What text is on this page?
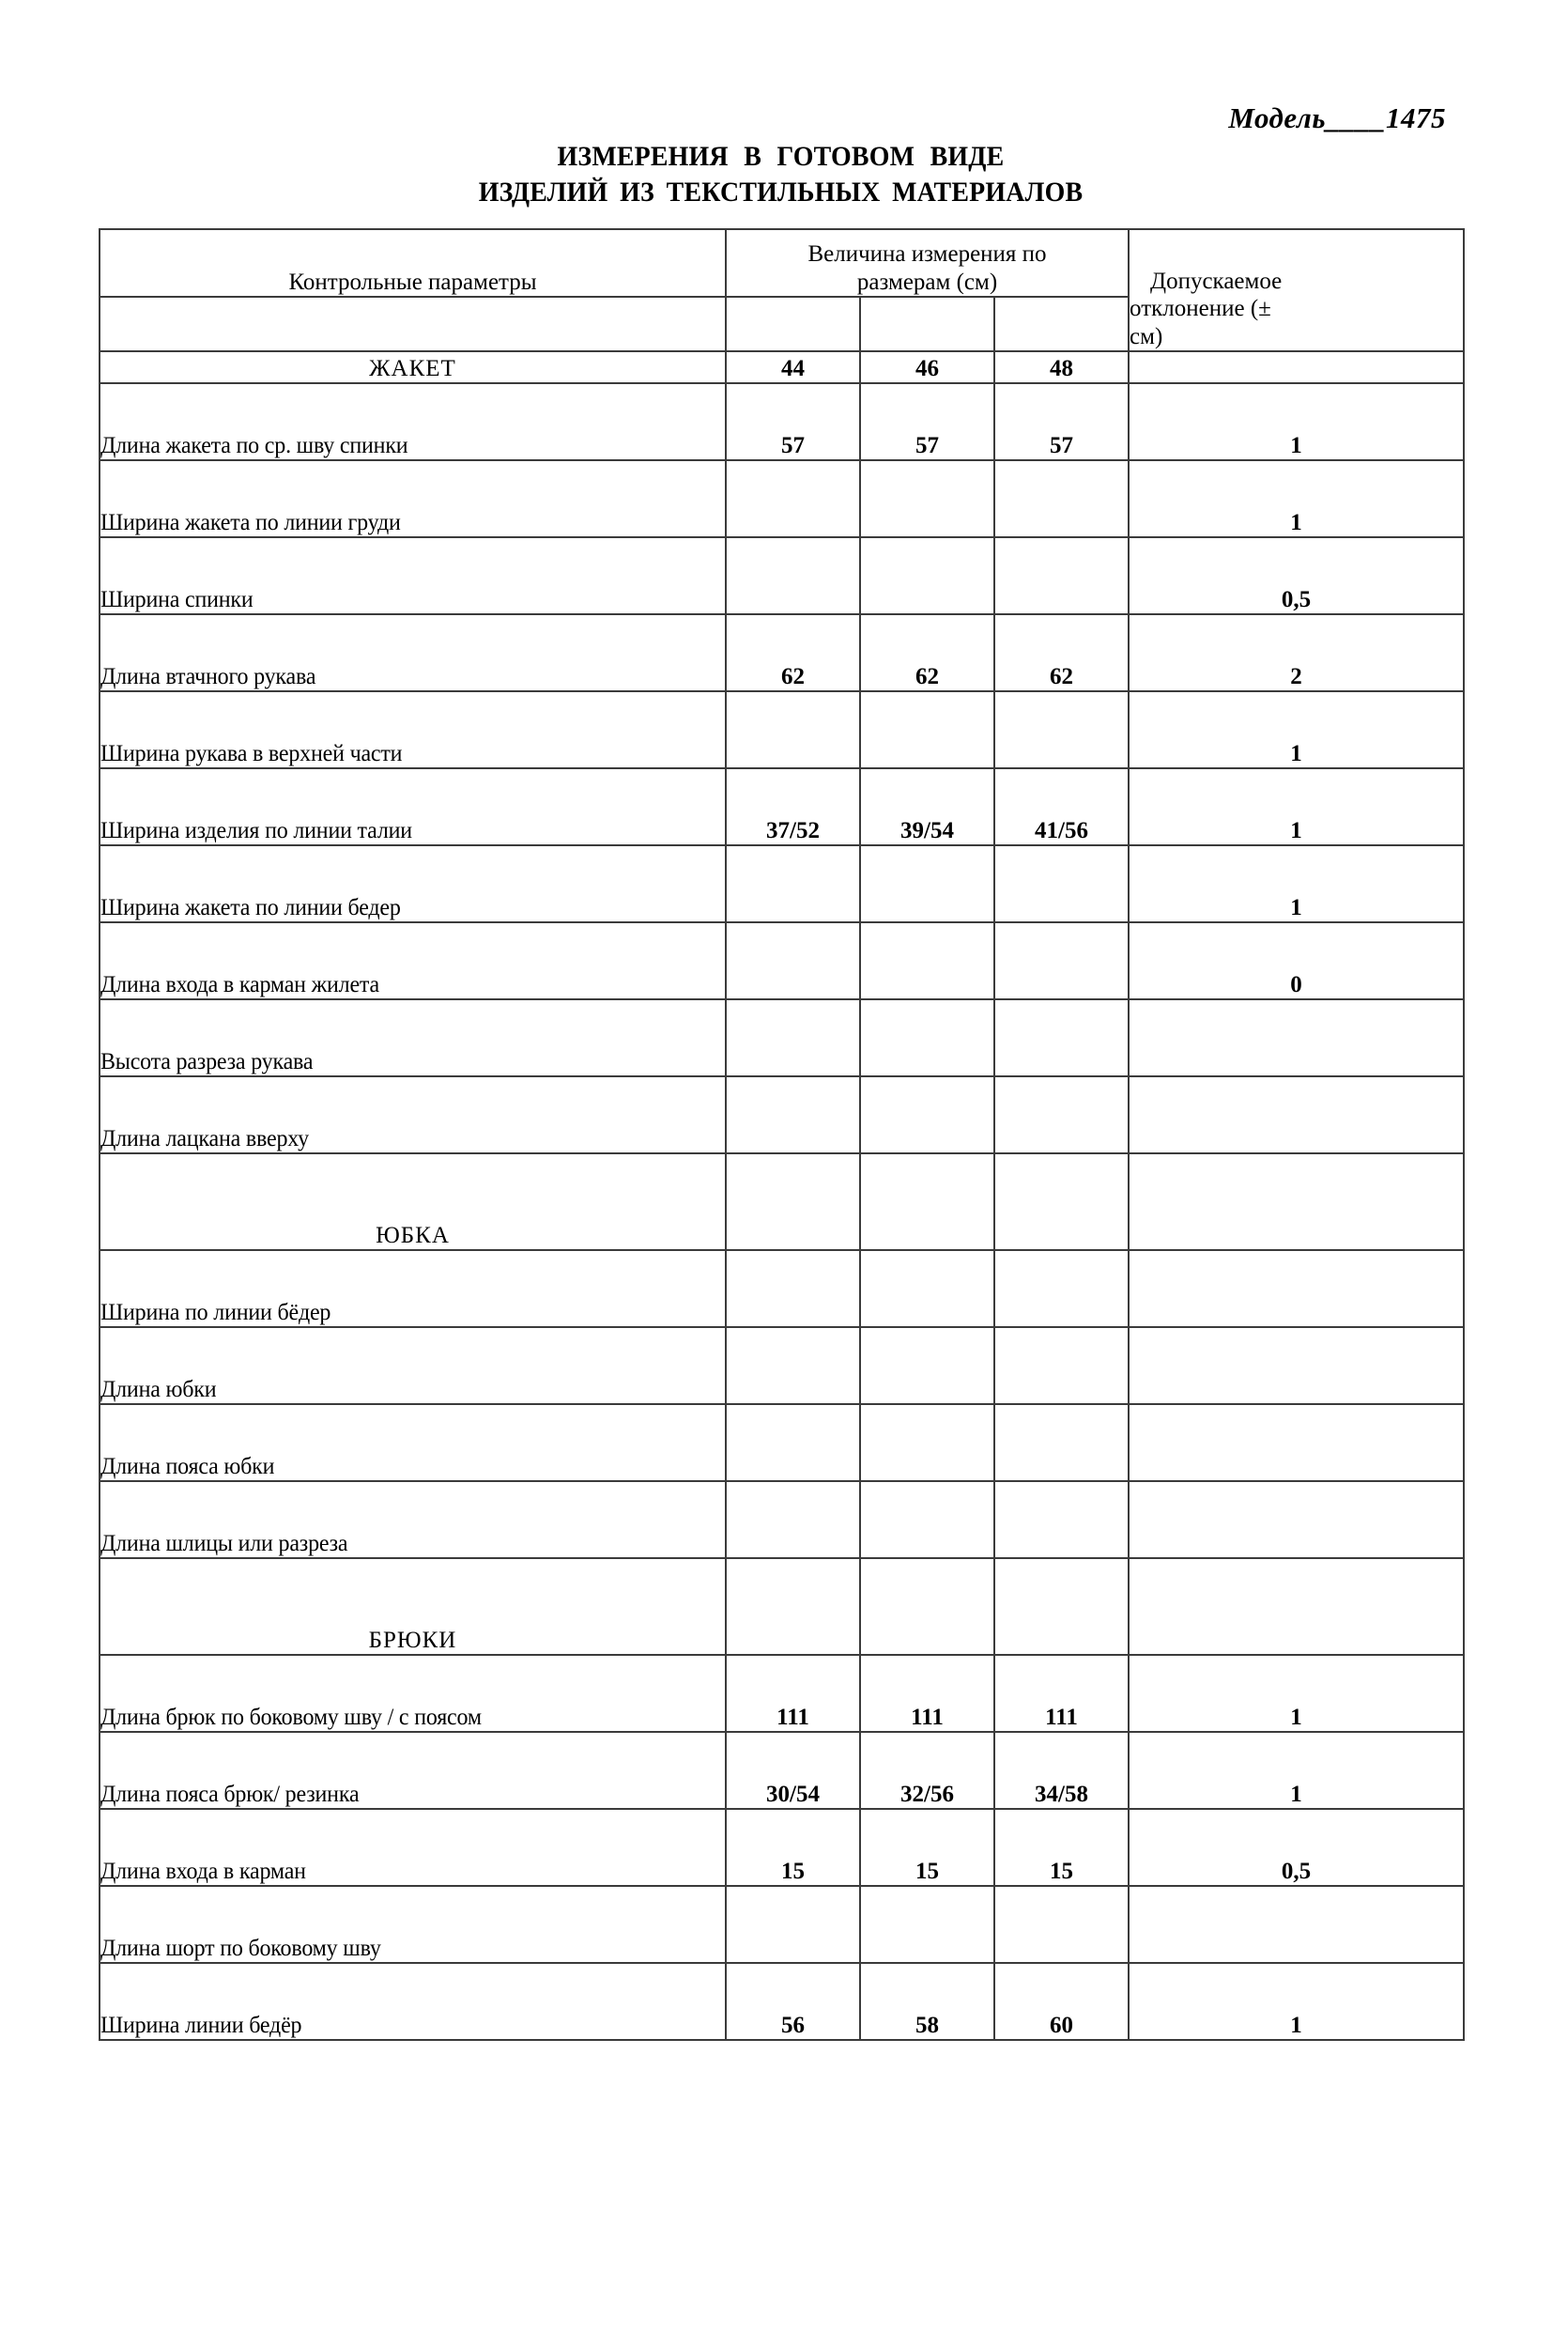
Модель____1475
ИЗМЕРЕНИЯ В ГОТОВОМ ВИДЕ
ИЗДЕЛИЙ ИЗ ТЕКСТИЛЬНЫХ МАТЕРИАЛОВ
Контрольные параметры	Величина измерения по
размерам (см)			Допускаемое
отклонение (±
см)

ЖАКЕТ	44	46	48	
Длина жакета по ср. шву спинки	57	57	57	1
Ширина жакета по линии груди				1
Ширина спинки				0,5
Длина втачного рукава	62	62	62	2
Ширина рукава в верхней части				1
Ширина изделия по линии талии	37/52	39/54	41/56	1
Ширина жакета по линии бедер				1
Длина входа в карман жилета				0
Высота разреза рукава				
Длина лацкана вверху				
ЮБКА				
Ширина по линии бёдер				
Длина юбки				
Длина пояса юбки				
Длина шлицы или разреза				
БРЮКИ				
Длина брюк по боковому шву / с поясом	111	111	111	1
Длина пояса брюк/ резинка	30/54	32/56	34/58	1
Длина входа в карман	15	15	15	0,5
Длина шорт по боковому шву				
Ширина линии бедёр	56	58	60	1
